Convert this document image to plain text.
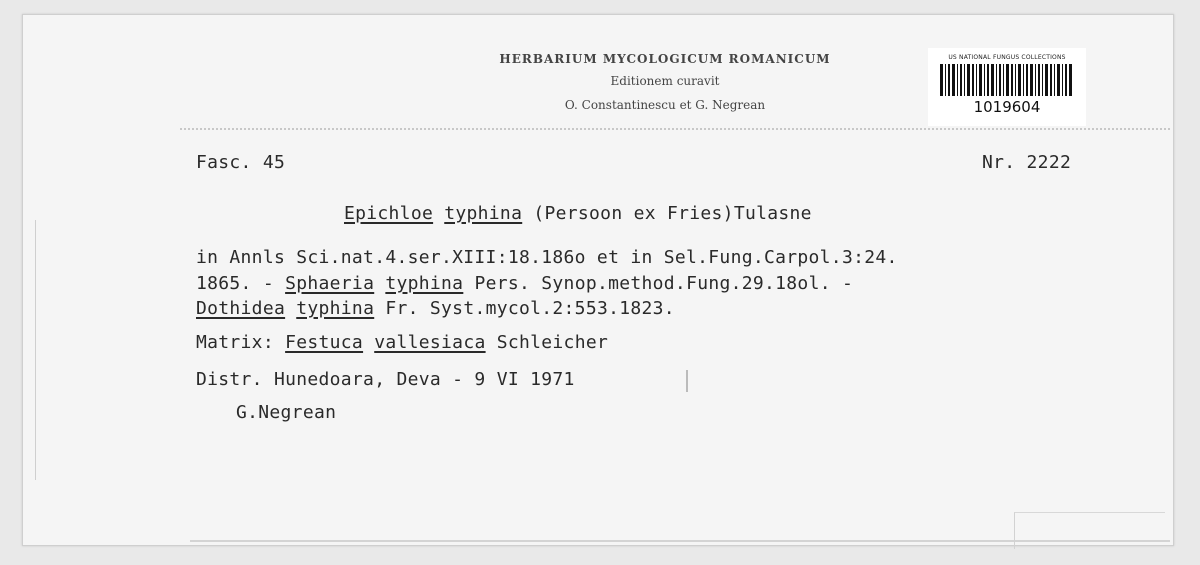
HERBARIUM MYCOLOGICUM ROMANICUM
Editionem curavit
O. Constantinescu et G. Negrean
US NATIONAL FUNGUS COLLECTIONS
1019604
Fasc. 45	Nr. 2222
Epichloe typhina (Persoon ex Fries)Tulasne
in Annls Sci.nat.4.ser.XIII:18.186o et in Sel.Fung.Carpol.3:24.
1865. - Sphaeria typhina Pers. Synop.method.Fung.29.18ol. -
Dothidea typhina Fr. Syst.mycol.2:553.1823.
Matrix: Festuca vallesiaca Schleicher
Distr. Hunedoara, Deva - 9 VI 1971
G.Negrean
